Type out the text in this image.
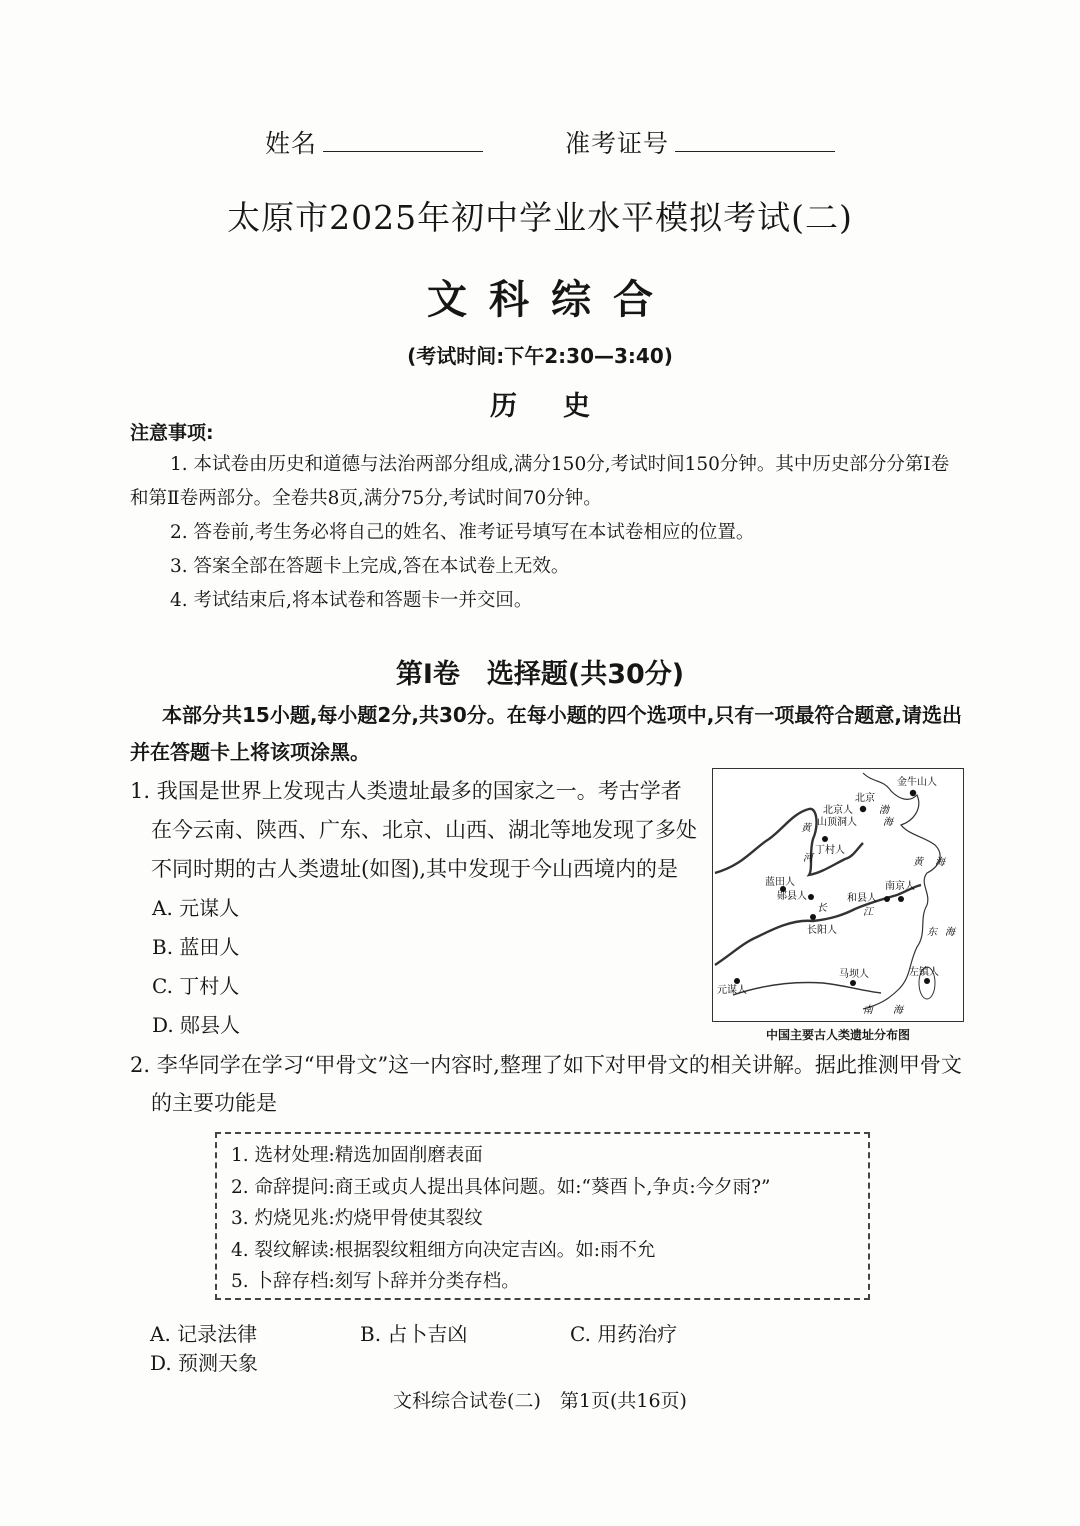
姓名	准考证号
太原市2025年初中学业水平模拟考试(二)
文科综合
(考试时间:下午2:30—3:40)
历史
注意事项:

1. 本试卷由历史和道德与法治两部分组成,满分150分,考试时间150分钟。其中历史部分分第Ⅰ卷和第Ⅱ卷两部分。全卷共8页,满分75分,考试时间70分钟。

2. 答卷前,考生务必将自己的姓名、准考证号填写在本试卷相应的位置。

3. 答案全部在答题卡上完成,答在本试卷上无效。

4. 考试结束后,将本试卷和答题卡一并交回。

第Ⅰ卷　选择题(共30分)

本部分共15小题,每小题2分,共30分。在每小题的四个选项中,只有一项最符合题意,请选出并在答题卡上将该项涂黑。

1. 我国是世界上发现古人类遗址最多的国家之一。考古学者在今云南、陕西、广东、北京、山西、湖北等地发现了多处不同时期的古人类遗址(如图),其中发现于今山西境内的是

A. 元谋人

B. 蓝田人

C. 丁村人

D. 郧县人

金牛山人
北京
北京人
山顶洞人
丁村人
蓝田人
郧县人	和县人
南京人
长阳人
马坝人
元谋人
左镇人
黄
河
长	江
渤
海
黄 海
东 海
南 海
中国主要古人类遗址分布图

2. 李华同学在学习“甲骨文”这一内容时,整理了如下对甲骨文的相关讲解。据此推测甲骨文的主要功能是

1. 选材处理:精选加固削磨表面
2. 命辞提问:商王或贞人提出具体问题。如:“葵酉卜,争贞:今夕雨?”
3. 灼烧见兆:灼烧甲骨使其裂纹
4. 裂纹解读:根据裂纹粗细方向决定吉凶。如:雨不允
5. 卜辞存档:刻写卜辞并分类存档。
A. 记录法律	B. 占卜吉凶	C. 用药治疗D. 预测天象
文科综合试卷(二)　第1页(共16页)
